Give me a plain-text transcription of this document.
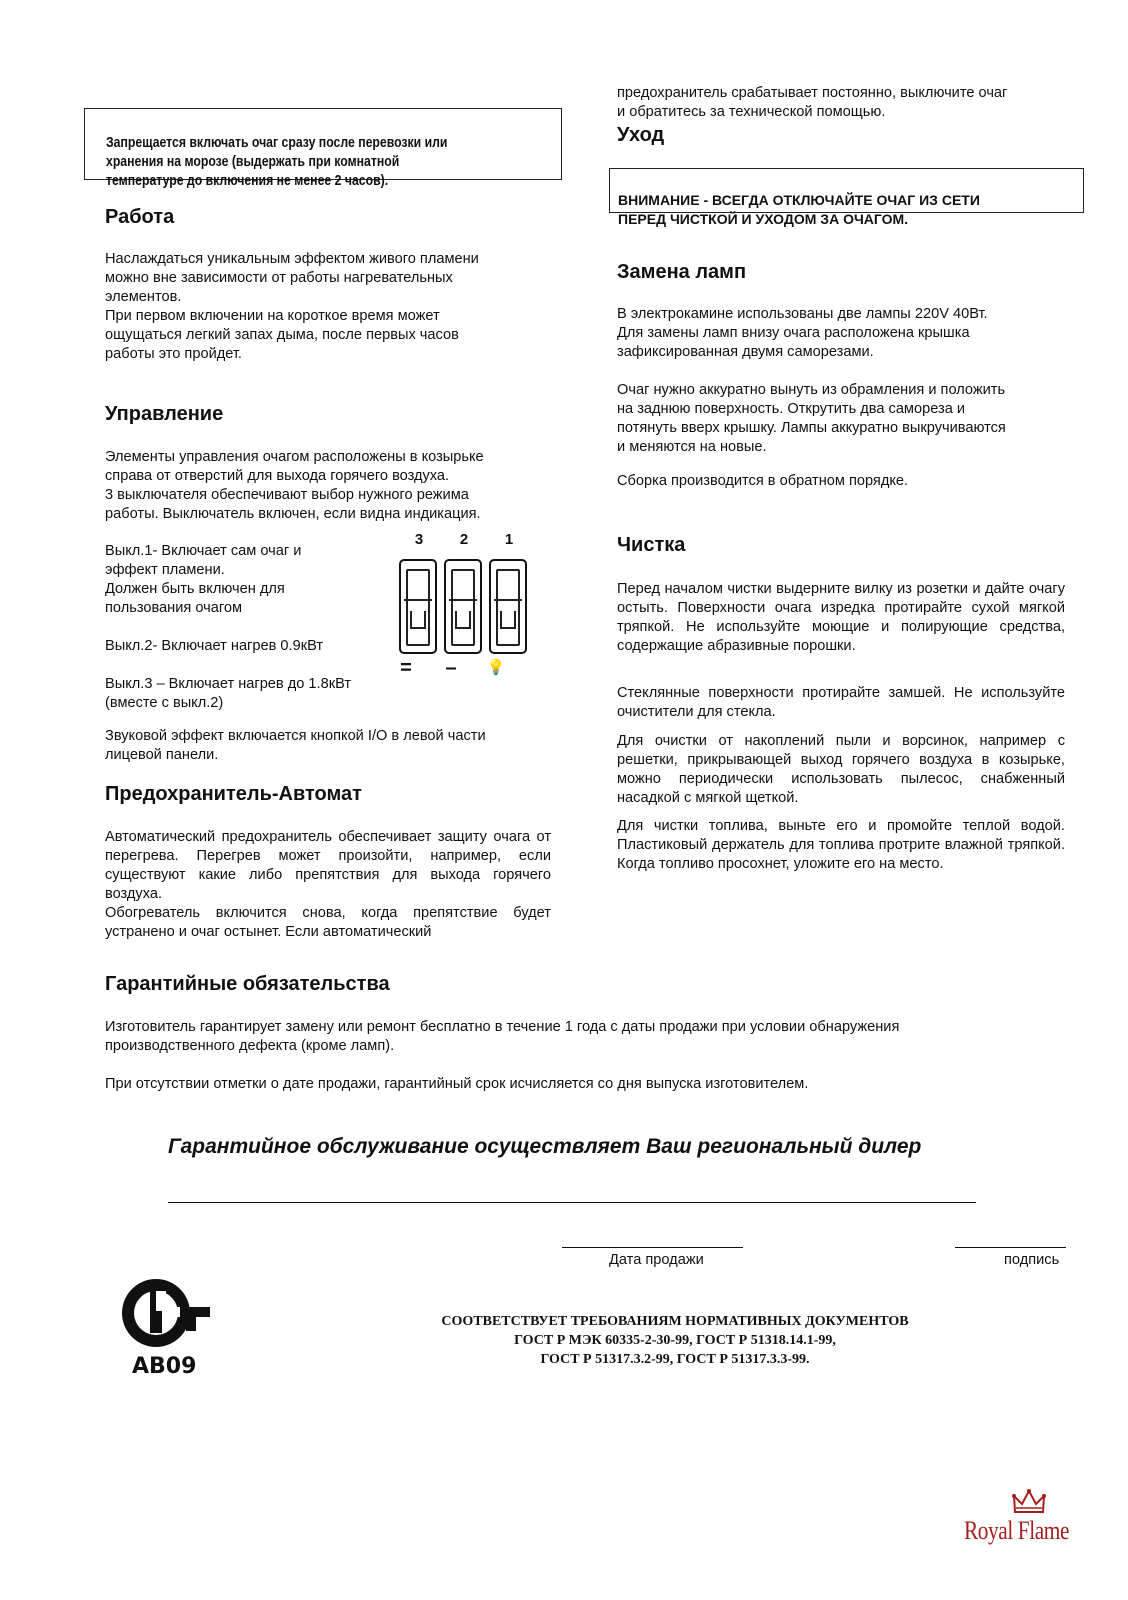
Запрещается включать очаг сразу после перевозки или
хранения на морозе (выдержать при комнатной
температуре до включения не менее 2 часов).

Работа

Наслаждаться уникальным эффектом живого пламени
можно вне зависимости от работы нагревательных
элементов.
При первом включении на короткое время может
ощущаться легкий запах дыма, после первых часов
работы это пройдет.

Управление

Элементы управления очагом расположены в козырьке
справа от отверстий для выхода горячего воздуха.
3 выключателя обеспечивают выбор нужного режима
работы. Выключатель включен, если видна индикация.

Выкл.1- Включает сам очаг и
эффект пламени.
Должен быть включен для
пользования очагом

Выкл.2- Включает нагрев 0.9кВт

Выкл.3 – Включает нагрев до 1.8кВт
(вместе с выкл.2)

3	2	1
=	–	💡

Звуковой эффект включается кнопкой I/O в левой части
лицевой панели.

Предохранитель-Автомат

Автоматический предохранитель обеспечивает защиту очага от перегрева. Перегрев может произойти, например, если существуют какие либо препятствия для выхода горячего воздуха.
Обогреватель включится снова, когда препятствие будет устранено и очаг остынет. Если автоматический

предохранитель срабатывает постоянно, выключите очаг
и обратитесь за технической помощью.

Уход

ВНИМАНИЕ - ВСЕГДА ОТКЛЮЧАЙТЕ ОЧАГ ИЗ СЕТИ
ПЕРЕД ЧИСТКОЙ И УХОДОМ ЗА ОЧАГОМ.

Замена ламп

В электрокамине использованы две лампы 220V 40Вт.
Для замены ламп внизу очага расположена крышка
зафиксированная двумя саморезами.

Очаг нужно аккуратно вынуть из обрамления и положить
на заднюю поверхность. Открутить два самореза и
потянуть вверх крышку. Лампы аккуратно выкручиваются
и меняются на новые.

Сборка производится в обратном порядке.

Чистка

Перед началом чистки выдерните вилку из розетки и дайте очагу остыть. Поверхности очага изредка протирайте сухой мягкой тряпкой. Не используйте моющие и полирующие средства, содержащие абразивные порошки.

Стеклянные поверхности протирайте замшей. Не используйте очистители для стекла.

Для очистки от накоплений пыли и ворсинок, например с решетки, прикрывающей выход горячего воздуха в козырьке, можно периодически использовать пылесос, снабженный насадкой с мягкой щеткой.

Для чистки топлива, выньте его и промойте теплой водой. Пластиковый держатель для топлива протрите влажной тряпкой. Когда топливо просохнет, уложите его на место.

Гарантийные обязательства

Изготовитель гарантирует замену или ремонт бесплатно в течение 1 года с даты продажи при условии обнаружения
производственного дефекта (кроме ламп).

При отсутствии отметки о дате продажи, гарантийный срок исчисляется со дня выпуска изготовителем.

Гарантийное обслуживание осуществляет Ваш региональный дилер
Дата продажи	подпись
АВ09
СООТВЕТСТВУЕТ ТРЕБОВАНИЯМ НОРМАТИВНЫХ ДОКУМЕНТОВ
ГОСТ Р МЭК 60335-2-30-99, ГОСТ Р 51318.14.1-99,
ГОСТ Р 51317.3.2-99, ГОСТ Р 51317.3.3-99.
Royal Flame
